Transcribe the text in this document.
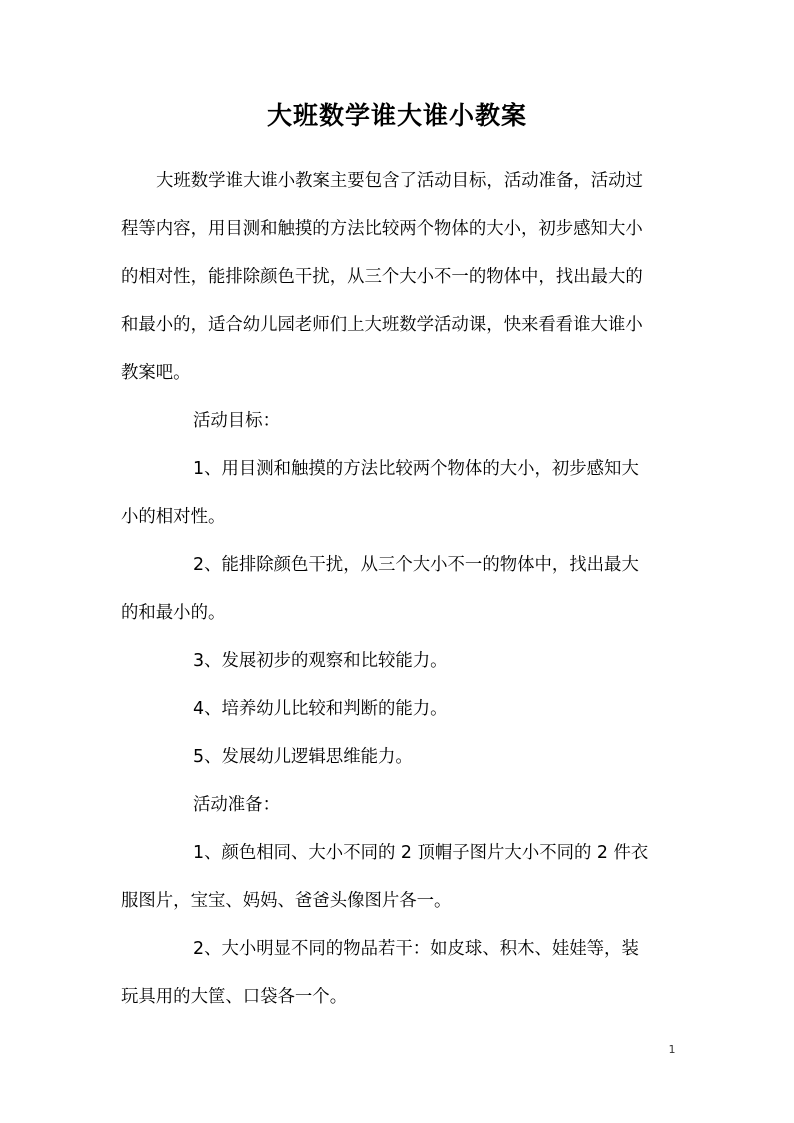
大班数学谁大谁小教案
大班数学谁大谁小教案主要包含了活动目标，活动准备，活动过
程等内容，用目测和触摸的方法比较两个物体的大小，初步感知大小
的相对性，能排除颜色干扰，从三个大小不一的物体中，找出最大的
和最小的，适合幼儿园老师们上大班数学活动课，快来看看谁大谁小
教案吧。
活动目标：
1、用目测和触摸的方法比较两个物体的大小，初步感知大
小的相对性。
2、能排除颜色干扰，从三个大小不一的物体中，找出最大
的和最小的。
3、发展初步的观察和比较能力。
4、培养幼儿比较和判断的能力。
5、发展幼儿逻辑思维能力。
活动准备：
1、颜色相同、大小不同的 2 顶帽子图片大小不同的 2 件衣
服图片，宝宝、妈妈、爸爸头像图片各一。
2、大小明显不同的物品若干：如皮球、积木、娃娃等，装
玩具用的大筐、口袋各一个。
1
